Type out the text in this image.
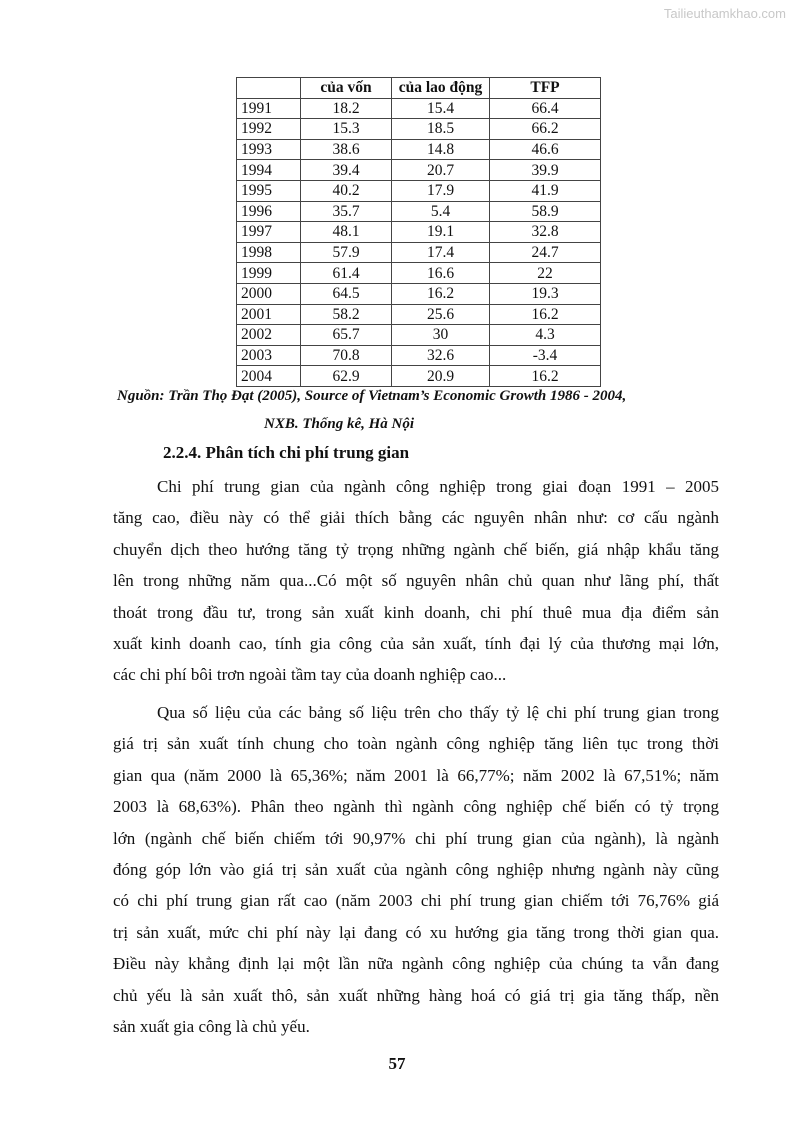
Tailieuthamkhao.com
	của vốn	của lao động	TFP
1991	18.2	15.4	66.4
1992	15.3	18.5	66.2
1993	38.6	14.8	46.6
1994	39.4	20.7	39.9
1995	40.2	17.9	41.9
1996	35.7	5.4	58.9
1997	48.1	19.1	32.8
1998	57.9	17.4	24.7
1999	61.4	16.6	22
2000	64.5	16.2	19.3
2001	58.2	25.6	16.2
2002	65.7	30	4.3
2003	70.8	32.6	-3.4
2004	62.9	20.9	16.2
Nguồn: Trần Thọ Đạt (2005), Source of Vietnam’s Economic Growth 1986 - 2004,
NXB. Thống kê, Hà Nội
2.2.4. Phân tích chi phí trung gian
Chi phí trung gian của ngành công nghiệp trong giai đoạn 1991 – 2005
tăng cao, điều này có thể giải thích bằng các nguyên nhân như: cơ cấu ngành
chuyển dịch theo hướng tăng tỷ trọng những ngành chế biến, giá nhập khẩu tăng
lên trong những năm qua...Có một số nguyên nhân chủ quan như lãng phí, thất
thoát trong đầu tư, trong sản xuất kinh doanh, chi phí thuê mua địa điểm sản
xuất kinh doanh cao, tính gia công của sản xuất, tính đại lý của thương mại lớn,
các chi phí bôi trơn ngoài tầm tay của doanh nghiệp cao...
Qua số liệu của các bảng số liệu trên cho thấy tỷ lệ chi phí trung gian trong
giá trị sản xuất tính chung cho toàn ngành công nghiệp tăng liên tục trong thời
gian qua (năm 2000 là 65,36%; năm 2001 là 66,77%; năm 2002 là 67,51%; năm
2003 là 68,63%). Phân theo ngành thì ngành công nghiệp chế biến có tỷ trọng
lớn (ngành chế biến chiếm tới 90,97% chi phí trung gian của ngành), là ngành
đóng góp lớn vào giá trị sản xuất của ngành công nghiệp nhưng ngành này cũng
có chi phí trung gian rất cao (năm 2003 chi phí trung gian chiếm tới 76,76% giá
trị sản xuất, mức chi phí này lại đang có xu hướng gia tăng trong thời gian qua.
Điều này khẳng định lại một lần nữa ngành công nghiệp của chúng ta vẫn đang
chủ yếu là sản xuất thô, sản xuất những hàng hoá có giá trị gia tăng thấp, nền
sản xuất gia công là chủ yếu.
57
